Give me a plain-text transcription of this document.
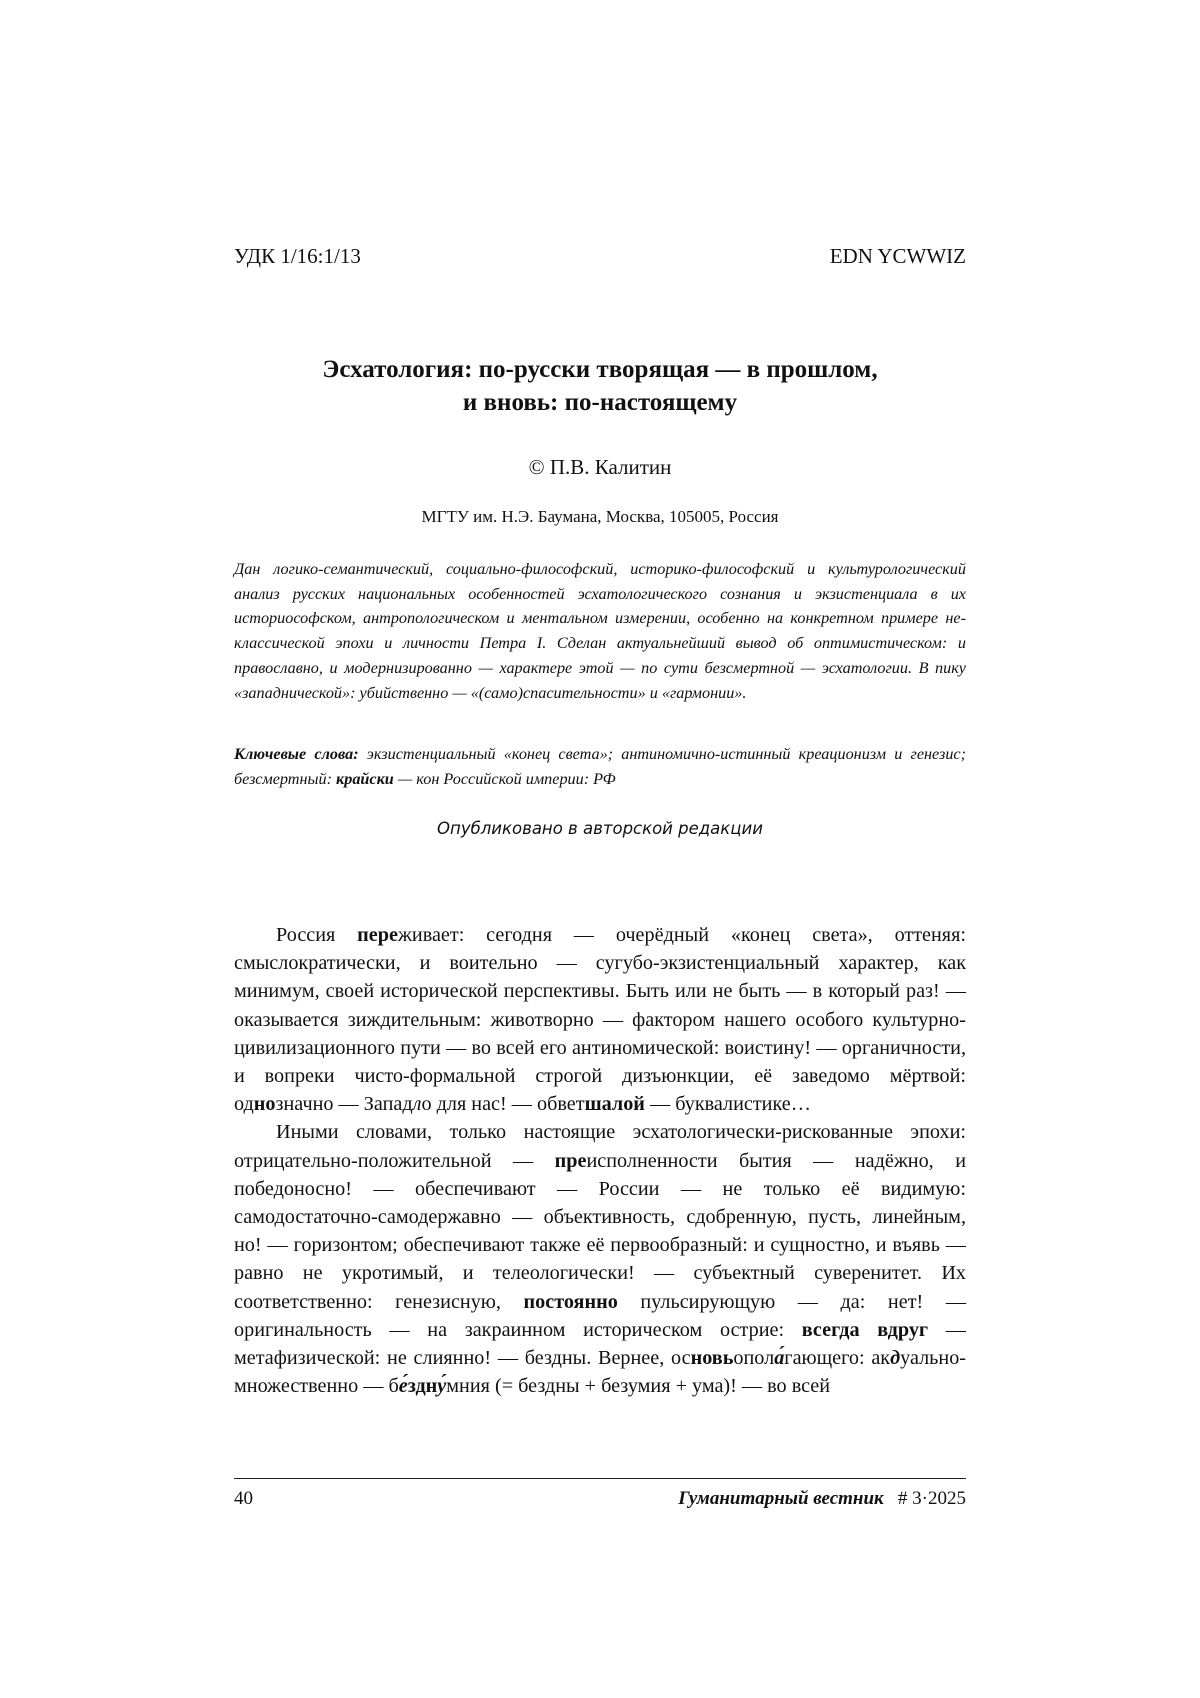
УДК 1/16:1/13	EDN YCWWIZ
Эсхатология: по-русски творящая — в прошлом,
и вновь: по-настоящему
© П.В. Калитин
МГТУ им. Н.Э. Баумана, Москва, 105005, Россия
Дан логико-семантический, социально-философский, историко-философский и культурологический анализ русских национальных особенностей эсхатологического сознания и экзистенциала в их историософском, антропологическом и ментальном измерении, особенно на конкретном примере не-классической эпохи и личности Петра I. Сделан актуальнейший вывод об оптимистическом: и православно, и модернизированно — характере этой — по сути безсмертной — эсхатологии. В пику «западнической»: убийственно — «(само)спасительности» и «гармонии».
Ключевые слова: экзистенциальный «конец света»; антиномично-истинный креационизм и генезис; безсмертный: крайски — кон Российской империи: РФ
Опубликовано в авторской редакции

Россия переживает: сегодня — очерёдный «конец света», оттеняя: смыслократически, и воительно — сугубо-экзистенциальный характер, как минимум, своей исторической перспективы. Быть или не быть — в который раз! — оказывается зиждительным: животворно — фактором нашего особого культурно-цивилизационного пути — во всей его антиномической: воистину! — органичности, и вопреки чисто-формальной строгой дизъюнкции, её заведомо мёртвой: однозначно — Западло для нас! — обветшалой — буквалистике…

Иными словами, только настоящие эсхатологически-рискованные эпохи: отрицательно-положительной — преисполненности бытия — надёжно, и победоносно! — обеспечивают — России — не только её видимую: самодостаточно-самодержавно — объективность, сдобренную, пусть, линейным, но! — горизонтом; обеспечивают также её первообразный: и сущностно, и въявь — равно не укротимый, и телеологически! — субъектный суверенитет. Их соответственно: генезисную, постоянно пульсирующую — да: нет! — оригинальность — на закраинном историческом острие: всегда вдруг — метафизической: не слиянно! — бездны. Вернее, основьопола́гающего: акдуально-множественно — бе́здну́мния (= бездны + безумия + ума)! — во всей

40	Гуманитарный вестник # 3·2025
